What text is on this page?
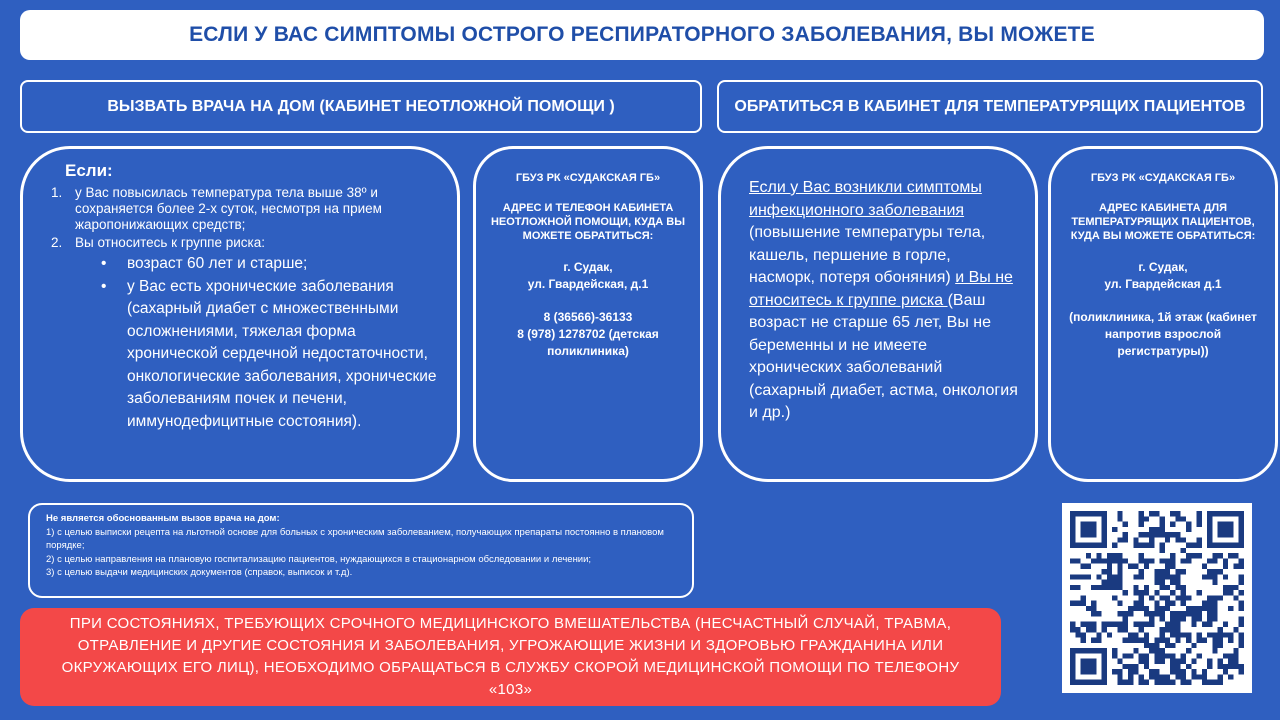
ЕСЛИ У ВАС СИМПТОМЫ ОСТРОГО РЕСПИРАТОРНОГО ЗАБОЛЕВАНИЯ, ВЫ МОЖЕТЕ
ВЫЗВАТЬ ВРАЧА НА ДОМ (КАБИНЕТ НЕОТЛОЖНОЙ ПОМОЩИ )	ОБРАТИТЬСЯ В КАБИНЕТ ДЛЯ ТЕМПЕРАТУРЯЩИХ ПАЦИЕНТОВ
Если:
1. у Вас повысилась температура тела выше 38º и сохраняется более 2-х суток, несмотря на прием жаропонижающих средств;
2. Вы относитесь к группе риска:
•	возраст 60 лет и старше;
•	у Вас есть хронические заболевания (сахарный диабет с множественными осложнениями, тяжелая форма хронической сердечной недостаточности, онкологические заболевания, хронические заболеваниям почек и печени, иммунодефицитные состояния).
ГБУЗ РК «СУДАКСКАЯ ГБ»
АДРЕС И ТЕЛЕФОН КАБИНЕТА НЕОТЛОЖНОЙ ПОМОЩИ, КУДА ВЫ МОЖЕТЕ ОБРАТИТЬСЯ:
г. Судак,
ул. Гвардейская, д.1
8 (36566)-36133
8 (978) 1278702 (детская поликлиника)
Если у Вас возникли симптомы инфекционного заболевания (повышение температуры тела, кашель, першение в горле, насморк, потеря обоняния) и Вы не относитесь к группе риска (Ваш возраст не старше 65 лет, Вы не беременны и не имеете хронических заболеваний (сахарный диабет, астма, онкология и др.)
ГБУЗ РК «СУДАКСКАЯ ГБ»
АДРЕС КАБИНЕТА ДЛЯ ТЕМПЕРАТУРЯЩИХ ПАЦИЕНТОВ, КУДА ВЫ МОЖЕТЕ ОБРАТИТЬСЯ:
г. Судак,
ул. Гвардейская д.1
(поликлиника, 1й этаж (кабинет напротив взрослой регистратуры))
Не является обоснованным вызов врача на дом:
1) с целью выписки рецепта на льготной основе для больных с хроническим заболеванием, получающих препараты постоянно в плановом порядке;
2) с целью направления на плановую госпитализацию пациентов, нуждающихся в стационарном обследовании и лечении;
3) с целью выдачи медицинских документов (справок, выписок и т.д).
ПРИ СОСТОЯНИЯХ, ТРЕБУЮЩИХ СРОЧНОГО МЕДИЦИНСКОГО ВМЕШАТЕЛЬСТВА (НЕСЧАСТНЫЙ СЛУЧАЙ, ТРАВМА, ОТРАВЛЕНИЕ И ДРУГИЕ СОСТОЯНИЯ И ЗАБОЛЕВАНИЯ, УГРОЖАЮЩИЕ ЖИЗНИ И ЗДОРОВЬЮ ГРАЖДАНИНА ИЛИ ОКРУЖАЮЩИХ ЕГО ЛИЦ), НЕОБХОДИМО ОБРАЩАТЬСЯ В СЛУЖБУ СКОРОЙ МЕДИЦИНСКОЙ ПОМОЩИ ПО ТЕЛЕФОНУ «103»
